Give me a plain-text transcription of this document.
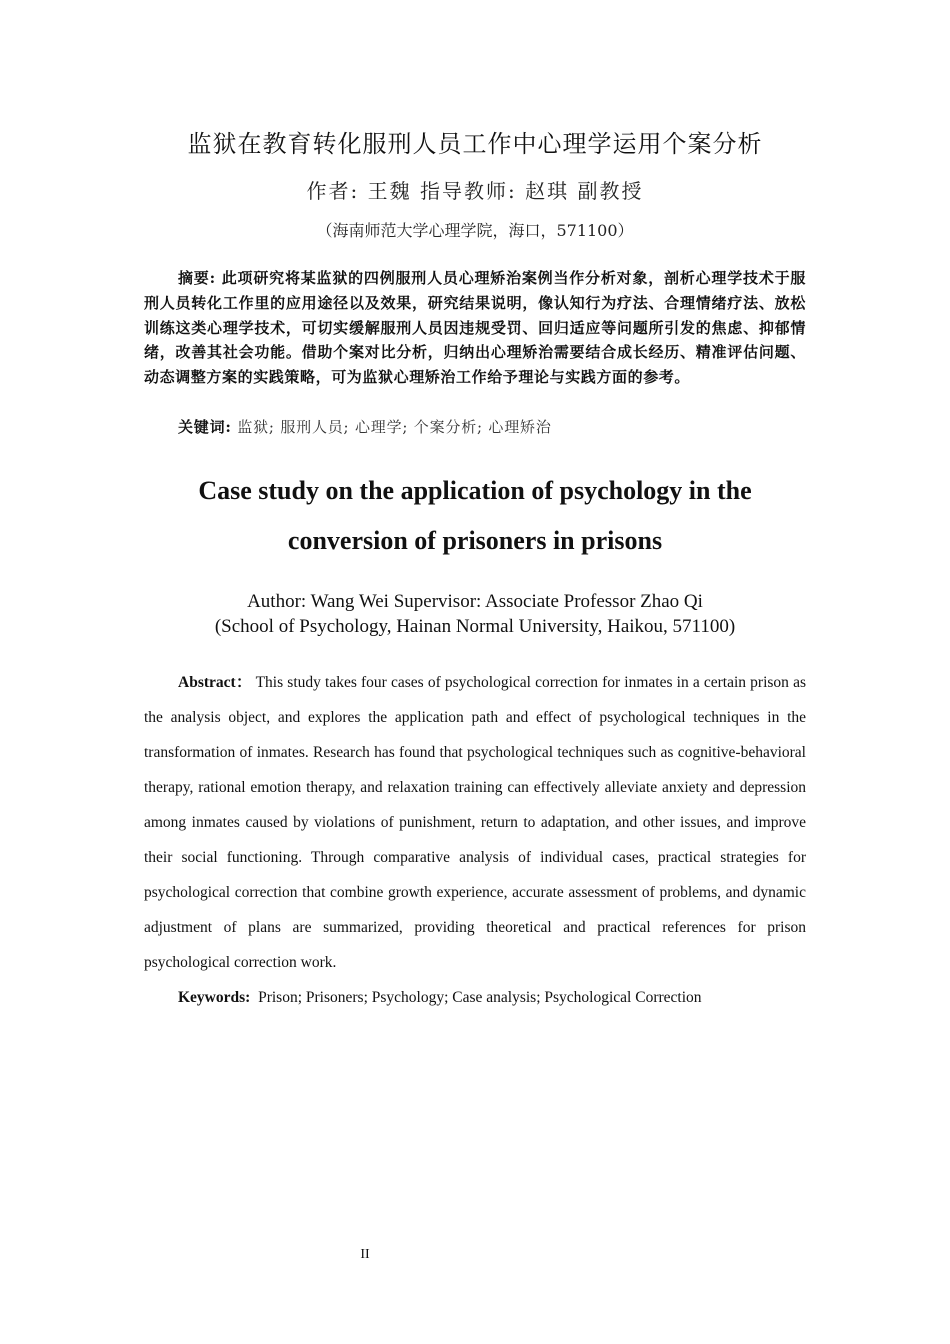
监狱在教育转化服刑人员工作中心理学运用个案分析
作者: 王魏 指导教师: 赵琪 副教授
（海南师范大学心理学院，海口，571100）
摘要: 此项研究将某监狱的四例服刑人员心理矫治案例当作分析对象，剖析心理学技术于服刑人员转化工作里的应用途径以及效果，研究结果说明，像认知行为疗法、合理情绪疗法、放松训练这类心理学技术，可切实缓解服刑人员因违规受罚、回归适应等问题所引发的焦虑、抑郁情绪，改善其社会功能。借助个案对比分析，归纳出心理矫治需要结合成长经历、精准评估问题、动态调整方案的实践策略，可为监狱心理矫治工作给予理论与实践方面的参考。
关键词: 监狱; 服刑人员; 心理学; 个案分析; 心理矫治
Case study on the application of psychology in the
conversion of prisoners in prisons
Author: Wang Wei Supervisor: Associate Professor Zhao Qi
(School of Psychology, Hainan Normal University, Haikou, 571100)
Abstract： This study takes four cases of psychological correction for inmates in a certain prison as the analysis object, and explores the application path and effect of psychological techniques in the transformation of inmates. Research has found that psychological techniques such as cognitive-behavioral therapy, rational emotion therapy, and relaxation training can effectively alleviate anxiety and depression among inmates caused by violations of punishment, return to adaptation, and other issues, and improve their social functioning. Through comparative analysis of individual cases, practical strategies for psychological correction that combine growth experience, accurate assessment of problems, and dynamic adjustment of plans are summarized, providing theoretical and practical references for prison psychological correction work.
Keywords: Prison; Prisoners; Psychology; Case analysis; Psychological Correction
II
